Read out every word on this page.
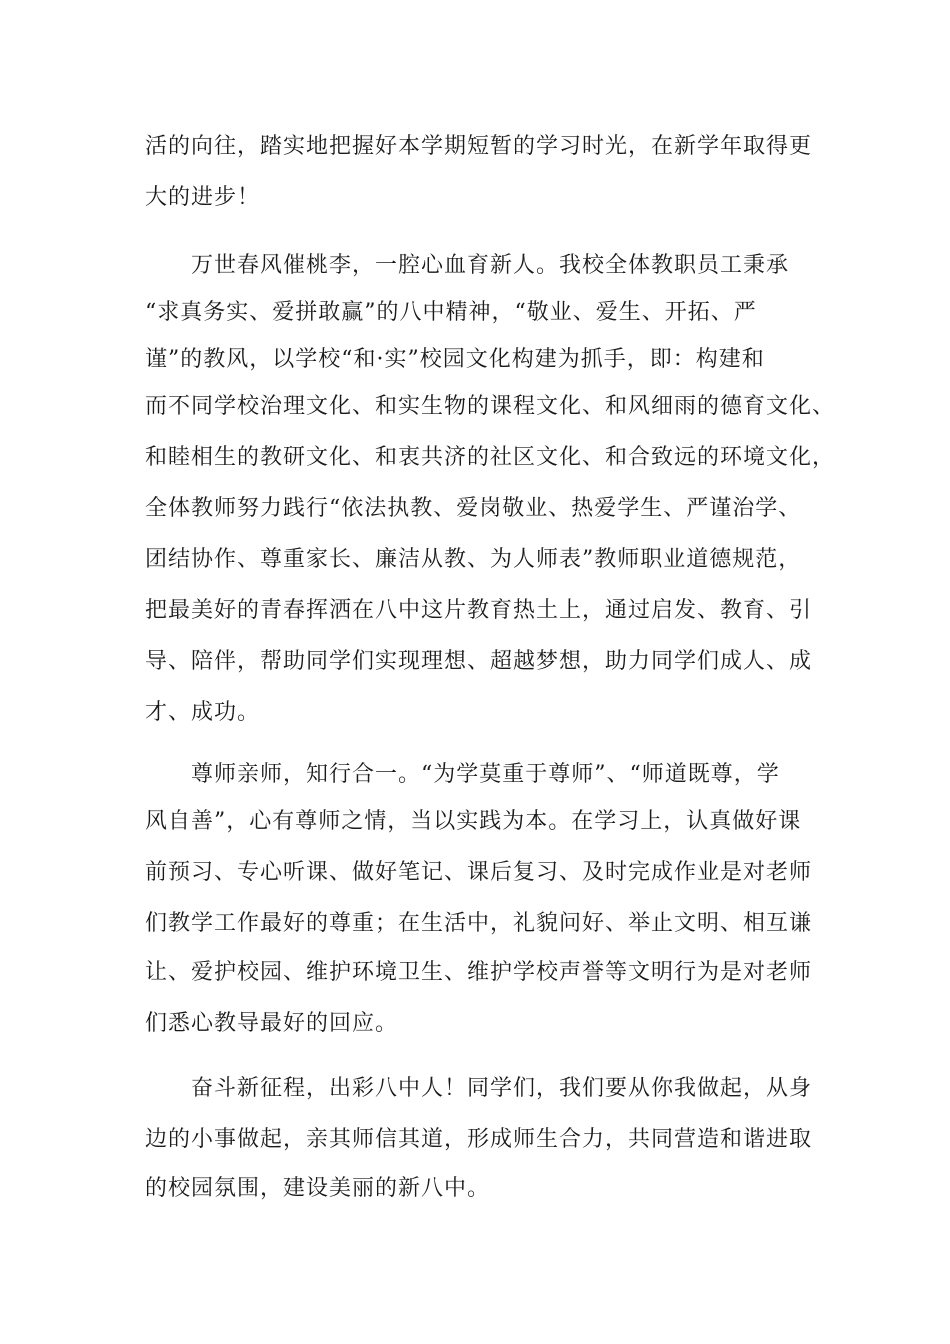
活的向往，踏实地把握好本学期短暂的学习时光，在新学年取得更
大的进步！
　　万世春风催桃李，一腔心血育新人。我校全体教职员工秉承
“求真务实、爱拼敢赢”的八中精神，“敬业、爱生、开拓、严
谨”的教风，以学校“和·实”校园文化构建为抓手，即：构建和
而不同学校治理文化、和实生物的课程文化、和风细雨的德育文化、
和睦相生的教研文化、和衷共济的社区文化、和合致远的环境文化，
全体教师努力践行“依法执教、爱岗敬业、热爱学生、严谨治学、
团结协作、尊重家长、廉洁从教、为人师表”教师职业道德规范，
把最美好的青春挥洒在八中这片教育热土上，通过启发、教育、引
导、陪伴，帮助同学们实现理想、超越梦想，助力同学们成人、成
才、成功。
　　尊师亲师，知行合一。“为学莫重于尊师”、“师道既尊，学
风自善”，心有尊师之情，当以实践为本。在学习上，认真做好课
前预习、专心听课、做好笔记、课后复习、及时完成作业是对老师
们教学工作最好的尊重；在生活中，礼貌问好、举止文明、相互谦
让、爱护校园、维护环境卫生、维护学校声誉等文明行为是对老师
们悉心教导最好的回应。
　　奋斗新征程，出彩八中人！同学们，我们要从你我做起，从身
边的小事做起，亲其师信其道，形成师生合力，共同营造和谐进取
的校园氛围，建设美丽的新八中。
